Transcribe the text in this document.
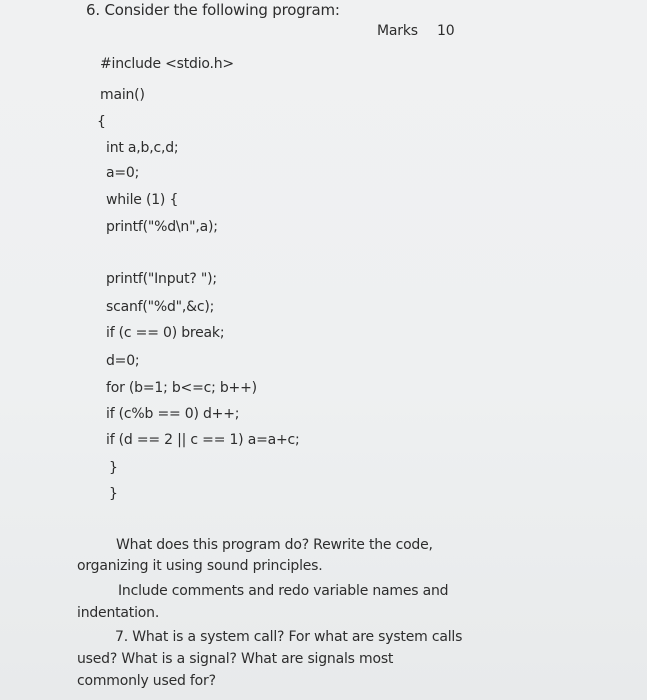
6. Consider the following program:
Marks 10
#include <stdio.h>
main()
{
int a,b,c,d;
a=0;
while (1) {
printf("%d\n",a);
printf("Input? ");
scanf("%d",&c);
if (c == 0) break;
d=0;
for (b=1; b<=c; b++)
if (c%b == 0) d++;
if (d == 2 || c == 1) a=a+c;
}
}
What does this program do? Rewrite the code,
organizing it using sound principles.
Include comments and redo variable names and
indentation.
7. What is a system call? For what are system calls
used? What is a signal? What are signals most
commonly used for?
